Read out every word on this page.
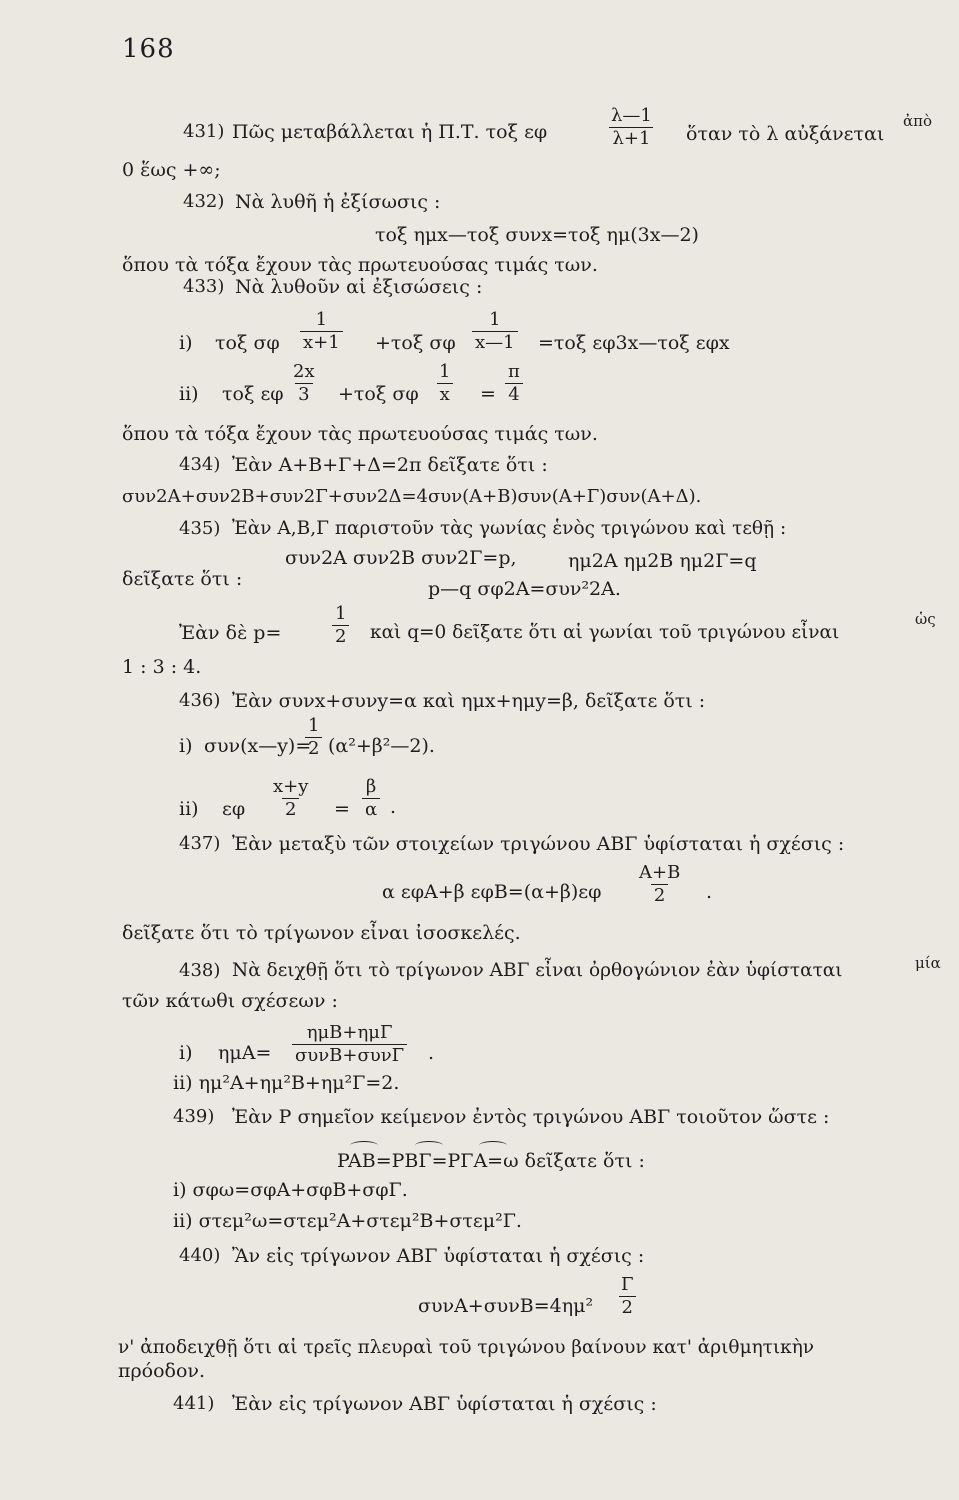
168
431) Πῶς μεταβάλλεται ἡ Π.Τ. τοξ εφ	$\frac{\lambda—1}{\lambda+1}$ ὅταν τὸ λ αὐξάνεται
ἀπὸ
0 ἕως +∞;
432) Νὰ λυθῆ ἡ ἐξίσωσις :
τοξ ημx—τοξ συνx=τοξ ημ(3x—2)
ὅπου τὰ τόξα ἔχουν τὰς πρωτευούσας τιμάς των.
433) Νὰ λυθοῦν αἱ ἐξισώσεις :
i) τοξ σφ $\frac{1}{x+1} +\tau o\xi$ σφ $\frac{1}{x—1} =\tau o\xi$ εφ3x—τοξ εφx
ii) τοξ εφ $\frac{2x}{3} +\tau o\xi$ σφ $\frac{1}{x} = \frac{\pi}{4}$
ὅπου τὰ τόξα ἔχουν τὰς πρωτευούσας τιμάς των.
434) Ἐὰν A+B+Γ+Δ=2π δεῖξατε ὅτι :
συν2A+συν2B+συν2Γ+συν2Δ=4συν(A+B)συν(A+Γ)συν(A+Δ).
435) Ἐὰν A,B,Γ παριστοῦν τὰς γωνίας ἑνὸς τριγώνου καὶ τεθῇ :
συν2A συν2B συν2Γ=p,	ημ2A ημ2B ημ2Γ=q
δεῖξατε ὅτι :	p—q σφ2A=συν²2A.
Ἐὰν δὲ p=	$\frac{1}{2}$ καὶ q=0 δεῖξατε ὅτι αἱ γωνίαι τοῦ τριγώνου εἶναι
ὡς
1 : 3 : 4.
436) Ἐὰν συνx+συνy=α καὶ ημx+ημy=β, δεῖξατε ὅτι :
i) συν(x—y)=
$\frac{1}{2}$ (α²+β²—2).
ii) εφ $\frac{x+y}{2} = \frac{\beta}{\alpha}$ .
437) Ἐὰν μεταξὺ τῶν στοιχείων τριγώνου ΑΒΓ ὑφίσταται ἡ σχέσις :
α εφA+β $\varepsilon\varphi B=(\alpha+\beta)\varepsilon\varphi \frac{A+B}{2}$ .
δεῖξατε ὅτι τὸ τρίγωνον εἶναι ἰσοσκελές.
438) Νὰ δειχθῇ ὅτι τὸ τρίγωνον ΑΒΓ εἶναι ὀρθογώνιον ἐὰν ὑφίσταται	μία
τῶν κάτωθι σχέσεων :
i) ημA=
ημB+ημΓ
συνB+συνΓ .
ii) ημ²A+ημ²B+ημ²Γ=2.
439) Ἐὰν P σημεῖον κείμενον ἐντὸς τριγώνου ΑΒΓ τοιοῦτον ὥστε :
PAB=PBΓ=PΓA=ω δεῖξατε ὅτι :
i) σφω=σφA+σφB+σφΓ.
ii) στεμ²ω=στεμ²A+στεμ²B+στεμ²Γ.
440) Ἂν εἰς τρίγωνον ΑΒΓ ὑφίσταται ἡ σχέσις :
$\sigma\upsilon\nu A+\sigma\upsilon\nu B=4\eta\mu^2 \frac{\Gamma}{2}$
ν' ἀποδειχθῇ ὅτι αἱ τρεῖς πλευραὶ τοῦ τριγώνου βαίνουν κατ' ἀριθμητικὴν
πρόοδον.
441) Ἐὰν εἰς τρίγωνον ΑΒΓ ὑφίσταται ἡ σχέσις :
